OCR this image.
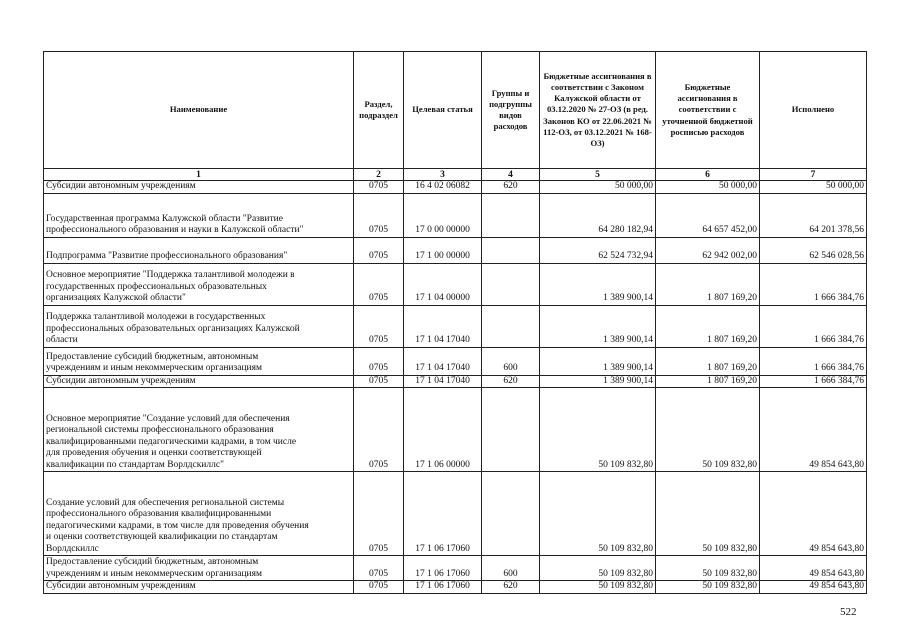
Наименование	Раздел, подраздел	Целевая статья	Группы и подгруппы видов расходов	Бюджетные ассигнования в соответствии с Законом Калужской области от 03.12.2020 № 27-ОЗ (в ред. Законов КО от 22.06.2021 № 112-ОЗ, от 03.12.2021 № 168-ОЗ)	Бюджетные ассигнования в соответствии с уточненной бюджетной росписью расходов	Исполнено
1	2	3	4	5	6	7
Субсидии автономным учреждениям	0705	16 4 02 06082	620	50 000,00	50 000,00	50 000,00
Государственная программа Калужской области "Развитие
профессионального образования и науки в Калужской области"	0705	17 0 00 00000		64 280 182,94	64 657 452,00	64 201 378,56
Подпрограмма "Развитие профессионального образования"	0705	17 1 00 00000		62 524 732,94	62 942 002,00	62 546 028,56
Основное мероприятие "Поддержка талантливой молодежи в
государственных профессиональных образовательных
организациях Калужской области"	0705	17 1 04 00000		1 389 900,14	1 807 169,20	1 666 384,76
Поддержка талантливой молодежи в государственных
профессиональных образовательных организациях Калужской
области	0705	17 1 04 17040		1 389 900,14	1 807 169,20	1 666 384,76
Предоставление субсидий бюджетным, автономным
учреждениям и иным некоммерческим организациям	0705	17 1 04 17040	600	1 389 900,14	1 807 169,20	1 666 384,76
Субсидии автономным учреждениям	0705	17 1 04 17040	620	1 389 900,14	1 807 169,20	1 666 384,76
Основное мероприятие "Создание условий для обеспечения
региональной системы профессионального образования
квалифицированными педагогическими кадрами, в том числе
для проведения обучения и оценки соответствующей
квалификации по стандартам Ворлдскиллс"	0705	17 1 06 00000		50 109 832,80	50 109 832,80	49 854 643,80
Создание условий для обеспечения региональной системы
профессионального образования квалифицированными
педагогическими кадрами, в том числе для проведения обучения
и оценки соответствующей квалификации по стандартам
Ворлдскиллс	0705	17 1 06 17060		50 109 832,80	50 109 832,80	49 854 643,80
Предоставление субсидий бюджетным, автономным
учреждениям и иным некоммерческим организациям	0705	17 1 06 17060	600	50 109 832,80	50 109 832,80	49 854 643,80
Субсидии автономным учреждениям	0705	17 1 06 17060	620	50 109 832,80	50 109 832,80	49 854 643,80
522
